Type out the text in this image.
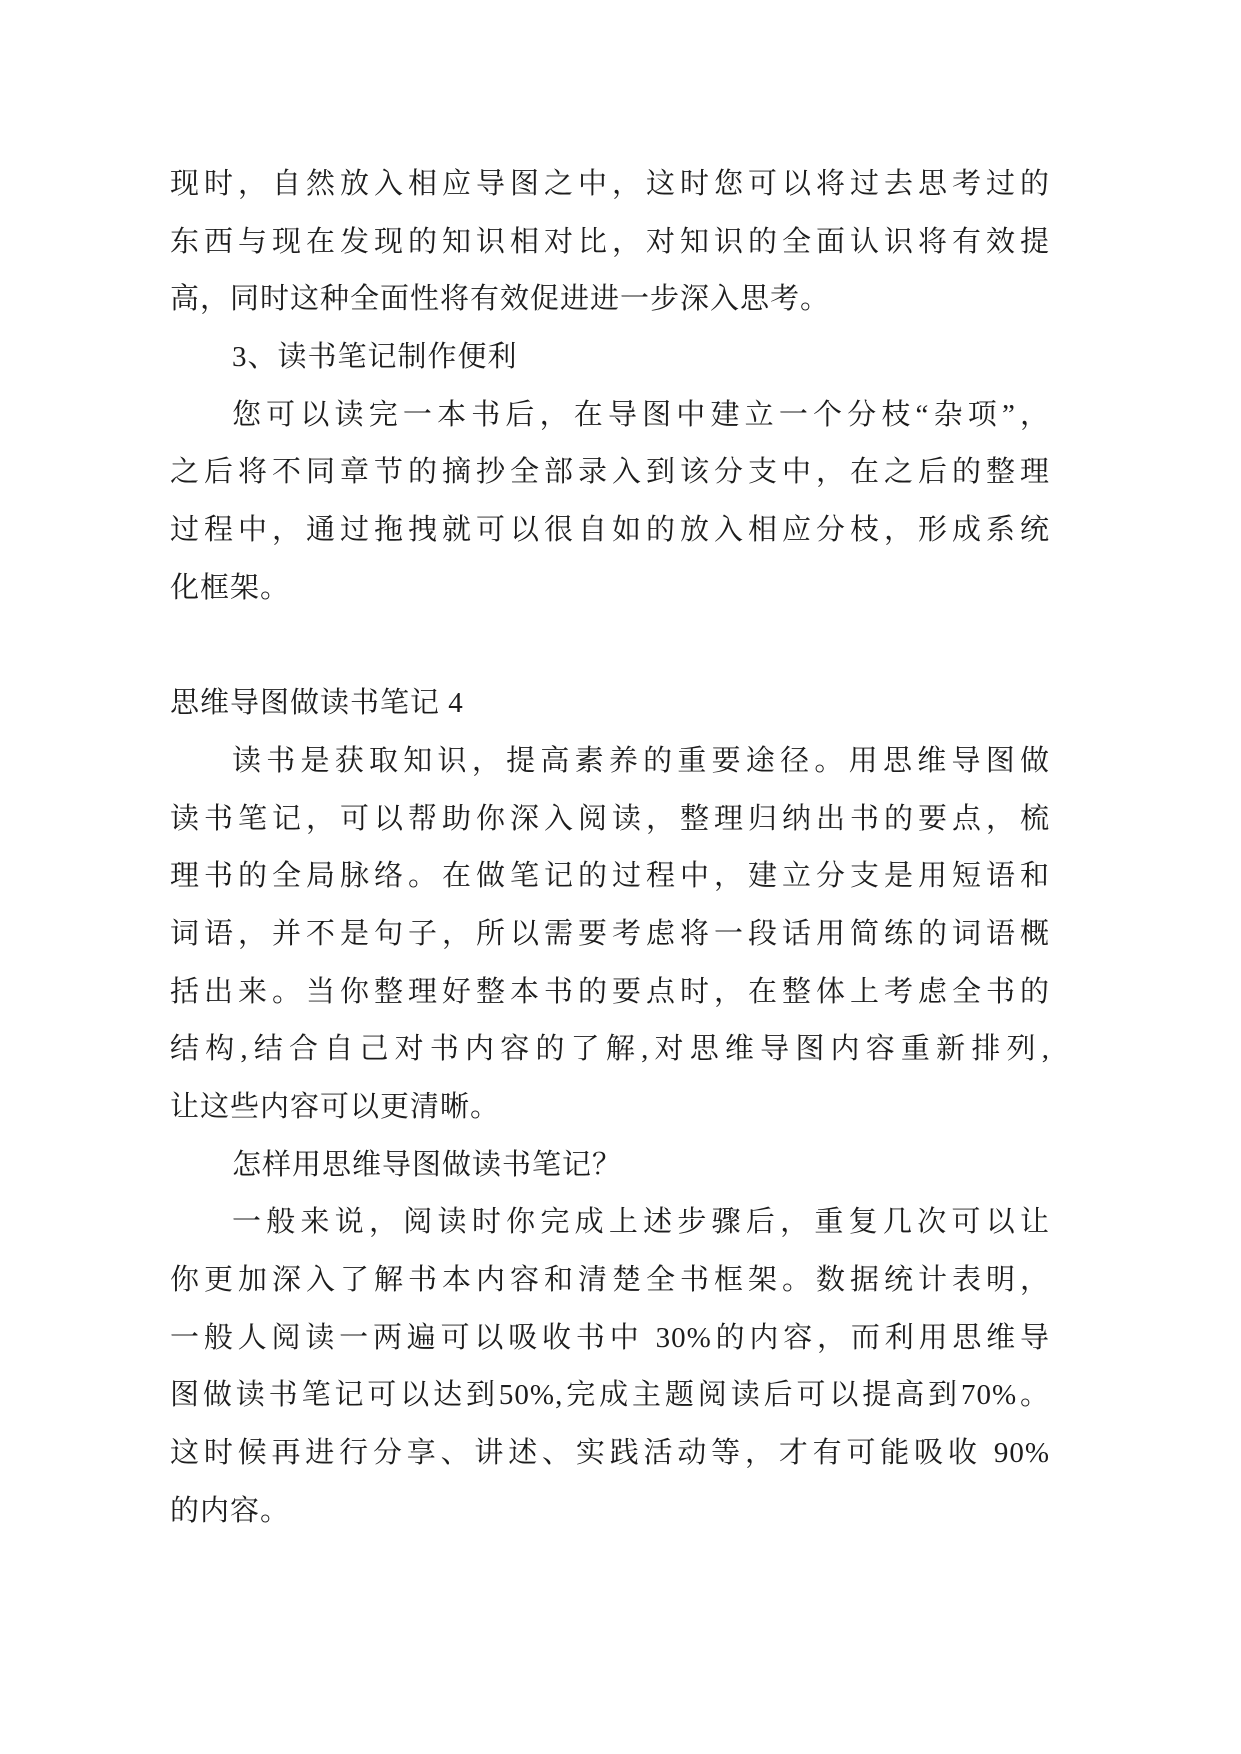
现时，自然放入相应导图之中，这时您可以将过去思考过的
东西与现在发现的知识相对比，对知识的全面认识将有效提
高，同时这种全面性将有效促进进一步深入思考。
3、读书笔记制作便利
您可以读完一本书后，在导图中建立一个分枝“杂项”，
之后将不同章节的摘抄全部录入到该分支中，在之后的整理
过程中，通过拖拽就可以很自如的放入相应分枝，形成系统
化框架。
思维导图做读书笔记 4
读书是获取知识，提高素养的重要途径。用思维导图做
读书笔记，可以帮助你深入阅读，整理归纳出书的要点，梳
理书的全局脉络。在做笔记的过程中，建立分支是用短语和
词语，并不是句子，所以需要考虑将一段话用简练的词语概
括出来。当你整理好整本书的要点时，在整体上考虑全书的
结构,结合自己对书内容的了解,对思维导图内容重新排列,
让这些内容可以更清晰。
怎样用思维导图做读书笔记？
一般来说，阅读时你完成上述步骤后，重复几次可以让
你更加深入了解书本内容和清楚全书框架。数据统计表明，
一般人阅读一两遍可以吸收书中 30%的内容，而利用思维导
图做读书笔记可以达到50%,完成主题阅读后可以提高到70%。
这时候再进行分享、讲述、实践活动等，才有可能吸收 90%
的内容。
